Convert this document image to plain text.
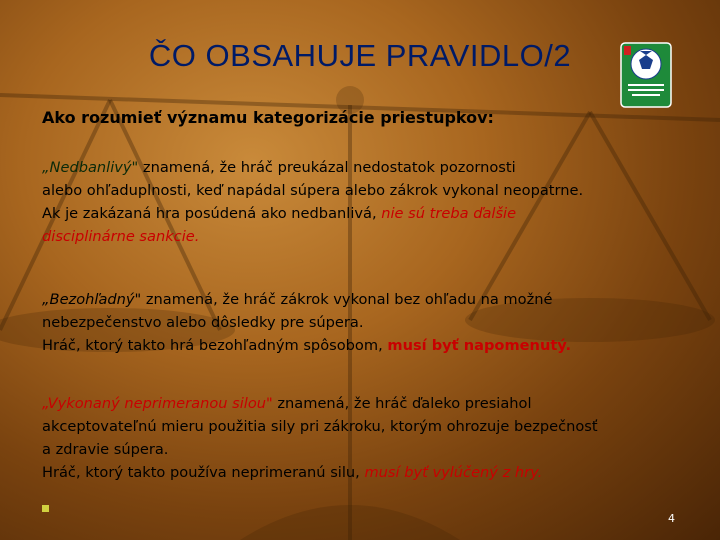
ČO OBSAHUJE PRAVIDLO/2
Ako rozumieť významu kategorizácie priestupkov:
„Nedbanlivý" znamená, že hráč preukázal nedostatok pozornosti
alebo ohľaduplnosti, keď napádal súpera alebo zákrok vykonal neopatrne.
Ak je zakázaná hra posúdená ako nedbanlivá, nie sú treba ďalšie
disciplinárne sankcie.
„Bezohľadný" znamená, že hráč zákrok vykonal bez ohľadu na možné
nebezpečenstvo alebo dôsledky pre súpera.
Hráč, ktorý takto hrá bezohľadným spôsobom, musí byť napomenutý.
„Vykonaný neprimeranou silou" znamená, že hráč ďaleko presiahol
akceptovateľnú mieru použitia sily pri zákroku, ktorým ohrozuje bezpečnosť
a zdravie súpera.
Hráč, ktorý takto používa neprimeranú silu, musí byť vylúčený z hry.
4
